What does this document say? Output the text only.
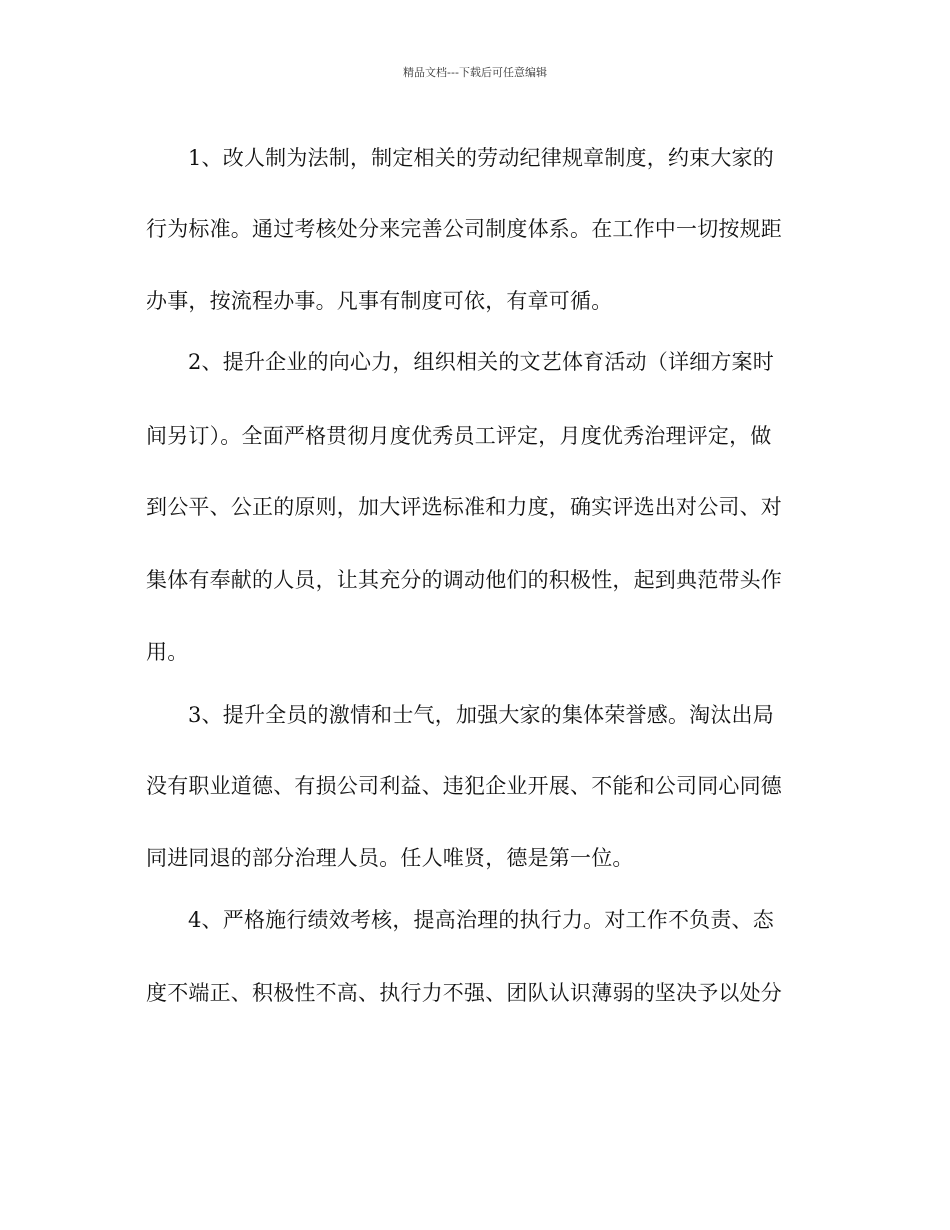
精品文档---下载后可任意编辑
1、改人制为法制，制定相关的劳动纪律规章制度，约束大家的
行为标准。通过考核处分来完善公司制度体系。在工作中一切按规距
办事，按流程办事。凡事有制度可依，有章可循。
2、提升企业的向心力，组织相关的文艺体育活动（详细方案时
间另订）。全面严格贯彻月度优秀员工评定，月度优秀治理评定，做
到公平、公正的原则，加大评选标准和力度，确实评选出对公司、对
集体有奉献的人员，让其充分的调动他们的积极性，起到典范带头作
用。
3、提升全员的激情和士气，加强大家的集体荣誉感。淘汰出局
没有职业道德、有损公司利益、违犯企业开展、不能和公司同心同德
同进同退的部分治理人员。任人唯贤，德是第一位。
4、严格施行绩效考核，提高治理的执行力。对工作不负责、态
度不端正、积极性不高、执行力不强、团队认识薄弱的坚决予以处分
